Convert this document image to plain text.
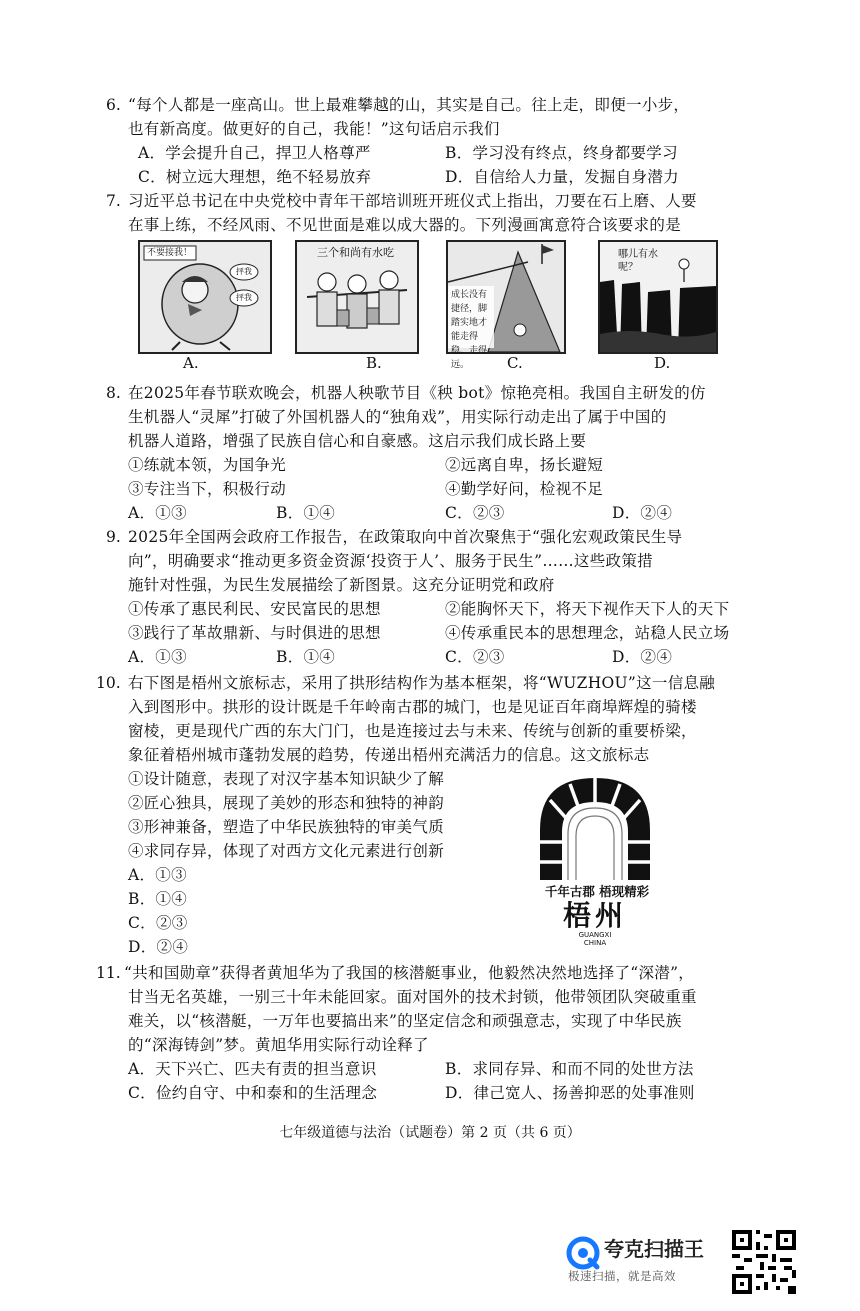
6. “每个人都是一座高山。世上最难攀越的山，其实是自己。往上走，即便一小步，
也有新高度。做更好的自己，我能！”这句话启示我们
A．学会提升自己，捍卫人格尊严	B．学习没有终点，终身都要学习
C．树立远大理想，绝不轻易放弃	D．自信给人力量，发掘自身潜力
7. 习近平总书记在中央党校中青年干部培训班开班仪式上指出，刀要在石上磨、人要
在事上练，不经风雨、不见世面是难以成大器的。下列漫画寓意符合该要求的是
不要接我！
抨我
抨我
A.
三个和尚有水吃
B.
成长没有捷径，脚踏实地才能走得稳、走得远。	C.
哪儿有水呢？
D.
8. 在2025年春节联欢晚会，机器人秧歌节目《秧 bot》惊艳亮相。我国自主研发的仿
生机器人“灵犀”打破了外国机器人的“独角戏”，用实际行动走出了属于中国的
机器人道路，增强了民族自信心和自豪感。这启示我们成长路上要
①练就本领，为国争光	②远离自卑，扬长避短
③专注当下，积极行动	④勤学好问，检视不足
A．①③	B．①④	C．②③	D．②④
9. 2025年全国两会政府工作报告，在政策取向中首次聚焦于“强化宏观政策民生导
向”，明确要求“推动更多资金资源‘投资于人’、服务于民生”……这些政策措
施针对性强，为民生发展描绘了新图景。这充分证明党和政府
①传承了惠民利民、安民富民的思想	②能胸怀天下，将天下视作天下人的天下
③践行了革故鼎新、与时俱进的思想	④传承重民本的思想理念，站稳人民立场
A．①③	B．①④	C．②③	D．②④
10. 右下图是梧州文旅标志，采用了拱形结构作为基本框架，将“WUZHOU”这一信息融
入到图形中。拱形的设计既是千年岭南古郡的城门，也是见证百年商埠辉煌的骑楼
窗棱，更是现代广西的东大门门，也是连接过去与未来、传统与创新的重要桥梁，
象征着梧州城市蓬勃发展的趋势，传递出梧州充满活力的信息。这文旅标志
①设计随意，表现了对汉字基本知识缺少了解
②匠心独具，展现了美妙的形态和独特的神韵
③形神兼备，塑造了中华民族独特的审美气质
④求同存异，体现了对西方文化元素进行创新
A．①③
B．①④
C．②③
D．②④
千年古郡 梧现精彩
梧州
GUANGXI
CHINA
11. “共和国勋章”获得者黄旭华为了我国的核潜艇事业，他毅然决然地选择了“深潜”，
甘当无名英雄，一别三十年未能回家。面对国外的技术封锁，他带领团队突破重重
难关，以“核潜艇，一万年也要搞出来”的坚定信念和顽强意志，实现了中华民族
的“深海铸剑”梦。黄旭华用实际行动诠释了
A．天下兴亡、匹夫有责的担当意识	B．求同存异、和而不同的处世方法
C．俭约自守、中和泰和的生活理念	D．律己宽人、扬善抑恶的处事准则
七年级道德与法治（试题卷）第 2 页（共 6 页）
夸克扫描王
极速扫描，就是高效
